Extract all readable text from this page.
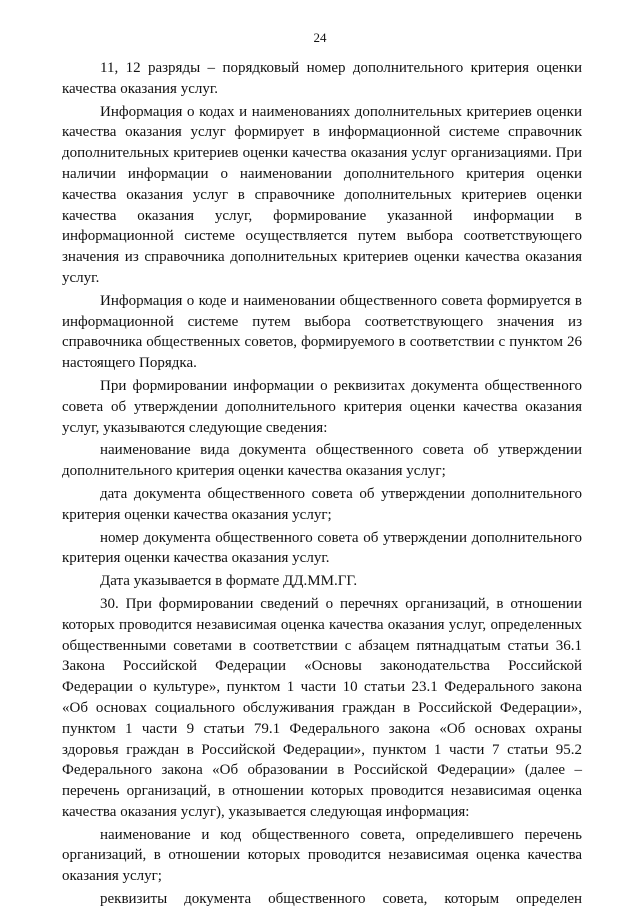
24

11, 12 разряды – порядковый номер дополнительного критерия оценки качества оказания услуг.

Информация о кодах и наименованиях дополнительных критериев оценки качества оказания услуг формирует в информационной системе справочник дополнительных критериев оценки качества оказания услуг организациями. При наличии информации о наименовании дополнительного критерия оценки качества оказания услуг в справочнике дополнительных критериев оценки качества оказания услуг, формирование указанной информации в информационной системе осуществляется путем выбора соответствующего значения из справочника дополнительных критериев оценки качества оказания услуг.

Информация о коде и наименовании общественного совета формируется в информационной системе путем выбора соответствующего значения из справочника общественных советов, формируемого в соответствии с пунктом 26 настоящего Порядка.

При формировании информации о реквизитах документа общественного совета об утверждении дополнительного критерия оценки качества оказания услуг, указываются следующие сведения:

наименование вида документа общественного совета об утверждении дополнительного критерия оценки качества оказания услуг;

дата документа общественного совета об утверждении дополнительного критерия оценки качества оказания услуг;

номер документа общественного совета об утверждении дополнительного критерия оценки качества оказания услуг.

Дата указывается в формате ДД.ММ.ГГ.

30. При формировании сведений о перечнях организаций, в отношении которых проводится независимая оценка качества оказания услуг, определенных общественными советами в соответствии с абзацем пятнадцатым статьи 36.1 Закона Российской Федерации «Основы законодательства Российской Федерации о культуре», пунктом 1 части 10 статьи 23.1 Федерального закона «Об основах социального обслуживания граждан в Российской Федерации», пунктом 1 части 9 статьи 79.1 Федерального закона «Об основах охраны здоровья граждан в Российской Федерации», пунктом 1 части 7 статьи 95.2 Федерального закона «Об образовании в Российской Федерации» (далее – перечень организаций, в отношении которых проводится независимая оценка качества оказания услуг), указывается следующая информация:

наименование и код общественного совета, определившего перечень организаций, в отношении которых проводится независимая оценка качества оказания услуг;

реквизиты документа общественного совета, которым определен
